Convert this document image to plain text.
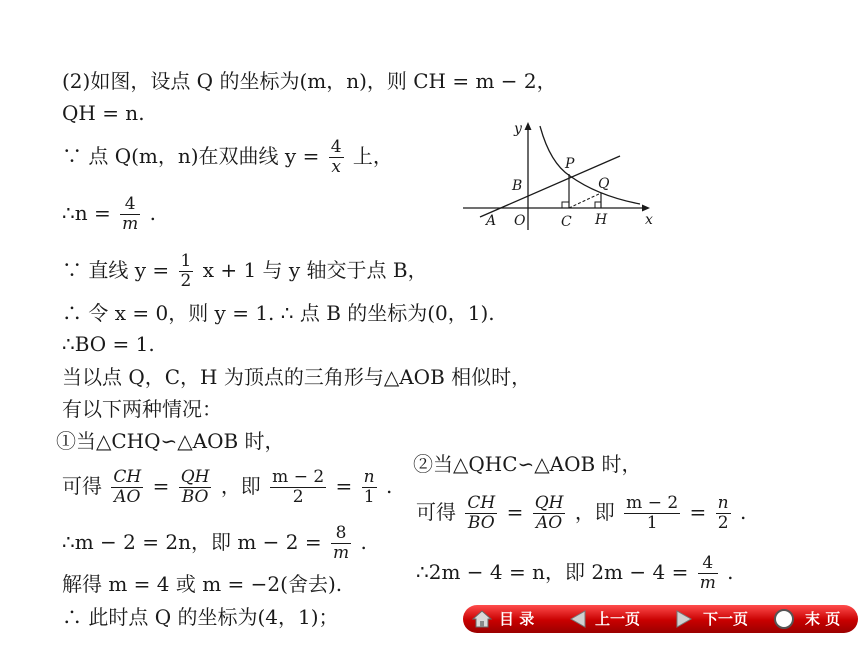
(2)如图，设点 Q 的坐标为(m，n)，则 CH = m − 2，
QH = n.
∵ 点 Q(m，n)在双曲线 $y = \frac{4}{x}$ 上，
∴n = $\frac{4}{m}$ .
∵ 直线 $y = \frac{1}{2}$ x + 1 与 y 轴交于点 B，
∴ 令 x = 0，则 y = 1. ∴ 点 B 的坐标为(0，1).
∴BO = 1.
当以点 Q，C，H 为顶点的三角形与△AOB 相似时，
有以下两种情况：
①当△CHQ∽△AOB 时，
可得 $\frac{CH}{AO} = \frac{QH}{BO}$ ，即 $\frac{m - 2}{2} = \frac{n}{1}$ .
∴m − 2 = 2n，即 $m - 2 = \frac{8}{m}$ .
解得 m = 4 或 m = −2(舍去).
∴ 此时点 Q 的坐标为(4，1)；
②当△QHC∽△AOB 时，
可得 $\frac{CH}{BO} = \frac{QH}{AO}$ ，即 $\frac{m - 2}{1} = \frac{n}{2}$ .
∴2m − 4 = n，即 $2m - 4 = \frac{4}{m}$ .
y
x
A O
B
C H
P
Q
目 录	上一页	下一页	末 页
